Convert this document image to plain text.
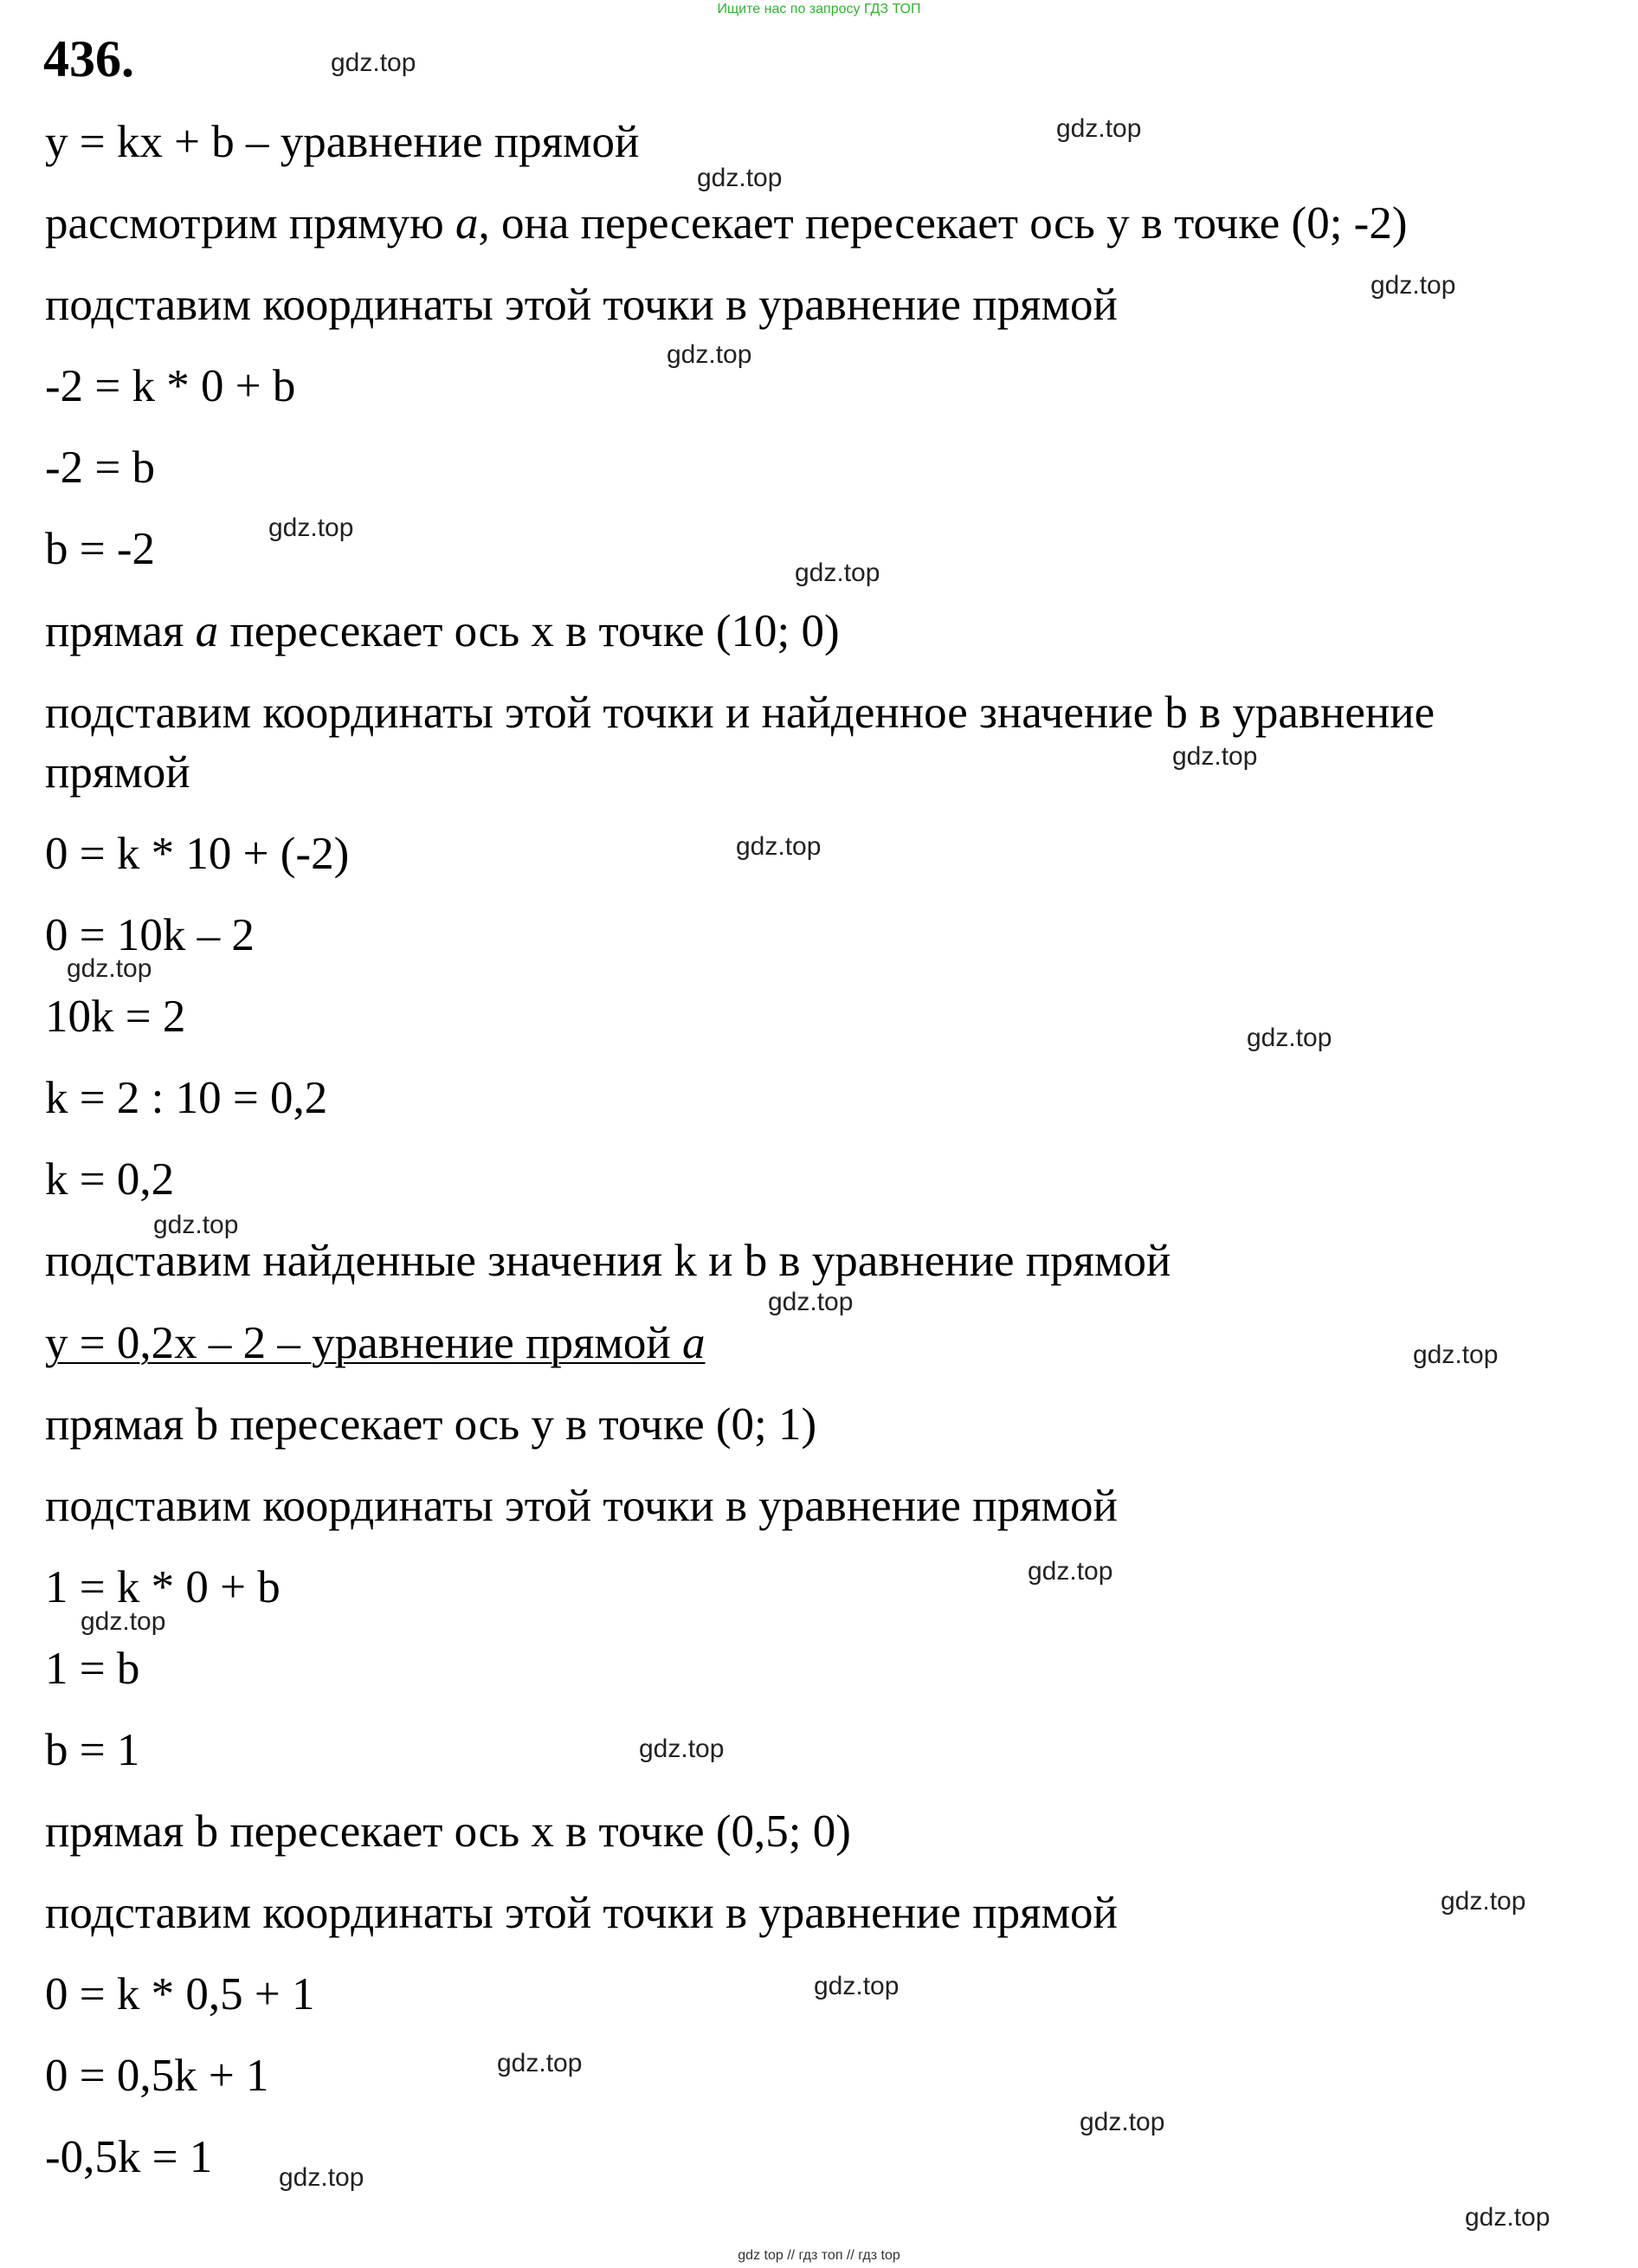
Ищите нас по запросу ГДЗ ТОП
436.
y = kx + b – уравнение прямой
рассмотрим прямую a, она пересекает пересекает ось у в точке (0; -2)
подставим координаты этой точки в уравнение прямой
-2 = k * 0 + b
-2 = b
b = -2
прямая a пересекает ось х в точке (10; 0)
подставим координаты этой точки и найденное значение b в уравнение
прямой
0 = k * 10 + (-2)
0 = 10k – 2
10k = 2
k = 2 : 10 = 0,2
k = 0,2
подставим найденные значения k и b в уравнение прямой
y = 0,2x – 2 – уравнение прямой a
прямая b пересекает ось у в точке (0; 1)
подставим координаты этой точки в уравнение прямой
1 = k * 0 + b
1 = b
b = 1
прямая b пересекает ось х в точке (0,5; 0)
подставим координаты этой точки в уравнение прямой
0 = k * 0,5 + 1
0 = 0,5k + 1
-0,5k = 1
gdz.top
gdz.top
gdz.top
gdz.top
gdz.top
gdz.top
gdz.top
gdz.top
gdz.top
gdz.top
gdz.top
gdz.top
gdz.top
gdz.top
gdz.top
gdz.top
gdz.top
gdz.top
gdz.top
gdz.top
gdz.top
gdz.top
gdz.top
gdz top // гдз топ // гдз top
